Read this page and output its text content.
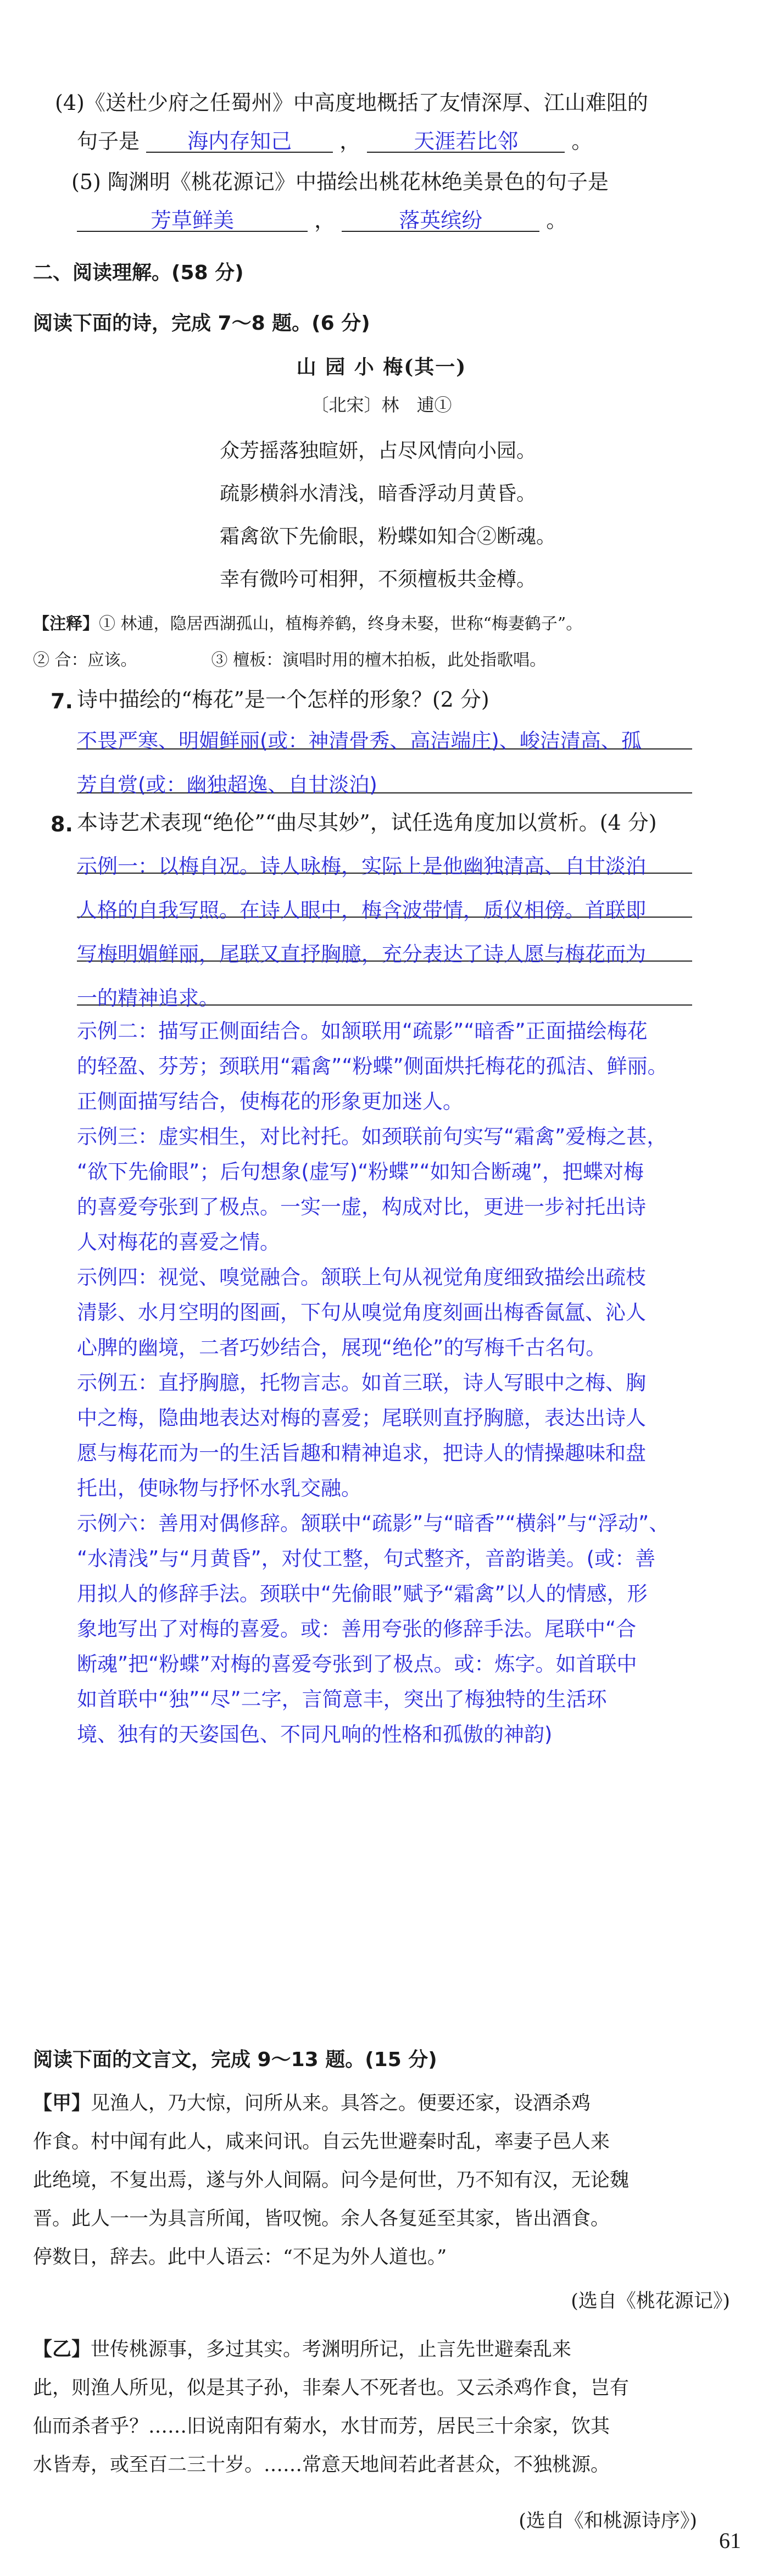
(4)《送杜少府之任蜀州》中高度地概括了友情深厚、江山难阻的
句子是 海内存知己 ，	天涯若比邻	。
(5) 陶渊明《桃花源记》中描绘出桃花林绝美景色的句子是
芳草鲜美	，	落英缤纷	。
二、阅读理解。(58 分)
阅读下面的诗，完成 7～8 题。(6 分)
山 园 小 梅(其一)
〔北宋〕林　逋①
众芳摇落独暄妍，占尽风情向小园。
疏影横斜水清浅，暗香浮动月黄昏。
霜禽欲下先偷眼，粉蝶如知合②断魂。
幸有微吟可相狎，不须檀板共金樽。
【注释】① 林逋，隐居西湖孤山，植梅养鹤，终身未娶，世称“梅妻鹤子”。
② 合：应该。　　　　　③ 檀板：演唱时用的檀木拍板，此处指歌唱。
7. 诗中描绘的“梅花”是一个怎样的形象？(2 分)
不畏严寒、明媚鲜丽(或：神清骨秀、高洁端庄)、峻洁清高、孤
芳自赏(或：幽独超逸、自甘淡泊)
8. 本诗艺术表现“绝伦”“曲尽其妙”，试任选角度加以赏析。(4 分)
示例一：以梅自况。诗人咏梅，实际上是他幽独清高、自甘淡泊
人格的自我写照。在诗人眼中，梅含波带情，质仪相傍。首联即
写梅明媚鲜丽，尾联又直抒胸臆，充分表达了诗人愿与梅花而为
一的精神追求。
示例二：描写正侧面结合。如颔联用“疏影”“暗香”正面描绘梅花
的轻盈、芬芳；颈联用“霜禽”“粉蝶”侧面烘托梅花的孤洁、鲜丽。
正侧面描写结合，使梅花的形象更加迷人。
示例三：虚实相生，对比衬托。如颈联前句实写“霜禽”爱梅之甚，
“欲下先偷眼”；后句想象(虚写)“粉蝶”“如知合断魂”，把蝶对梅
的喜爱夸张到了极点。一实一虚，构成对比，更进一步衬托出诗
人对梅花的喜爱之情。
示例四：视觉、嗅觉融合。颔联上句从视觉角度细致描绘出疏枝
清影、水月空明的图画，下句从嗅觉角度刻画出梅香氤氲、沁人
心脾的幽境，二者巧妙结合，展现“绝伦”的写梅千古名句。
示例五：直抒胸臆，托物言志。如首三联，诗人写眼中之梅、胸
中之梅，隐曲地表达对梅的喜爱；尾联则直抒胸臆，表达出诗人
愿与梅花而为一的生活旨趣和精神追求，把诗人的情操趣味和盘
托出，使咏物与抒怀水乳交融。
示例六：善用对偶修辞。颔联中“疏影”与“暗香”“横斜”与“浮动”、
“水清浅”与“月黄昏”，对仗工整，句式整齐，音韵谐美。(或：善
用拟人的修辞手法。颈联中“先偷眼”赋予“霜禽”以人的情感，形
象地写出了对梅的喜爱。或：善用夸张的修辞手法。尾联中“合
断魂”把“粉蝶”对梅的喜爱夸张到了极点。或：炼字。如首联中
如首联中“独”“尽”二字，言简意丰，突出了梅独特的生活环
境、独有的天姿国色、不同凡响的性格和孤傲的神韵)
阅读下面的文言文，完成 9～13 题。(15 分)
【甲】见渔人，乃大惊，问所从来。具答之。便要还家，设酒杀鸡
作食。村中闻有此人，咸来问讯。自云先世避秦时乱，率妻子邑人来
此绝境，不复出焉，遂与外人间隔。问今是何世，乃不知有汉，无论魏
晋。此人一一为具言所闻，皆叹惋。余人各复延至其家，皆出酒食。
停数日，辞去。此中人语云：“不足为外人道也。”
(选自《桃花源记》)
【乙】世传桃源事，多过其实。考渊明所记，止言先世避秦乱来
此，则渔人所见，似是其子孙，非秦人不死者也。又云杀鸡作食，岂有
仙而杀者乎？……旧说南阳有菊水，水甘而芳，居民三十余家，饮其
水皆寿，或至百二三十岁。……常意天地间若此者甚众，不独桃源。
(选自《和桃源诗序》)
61
